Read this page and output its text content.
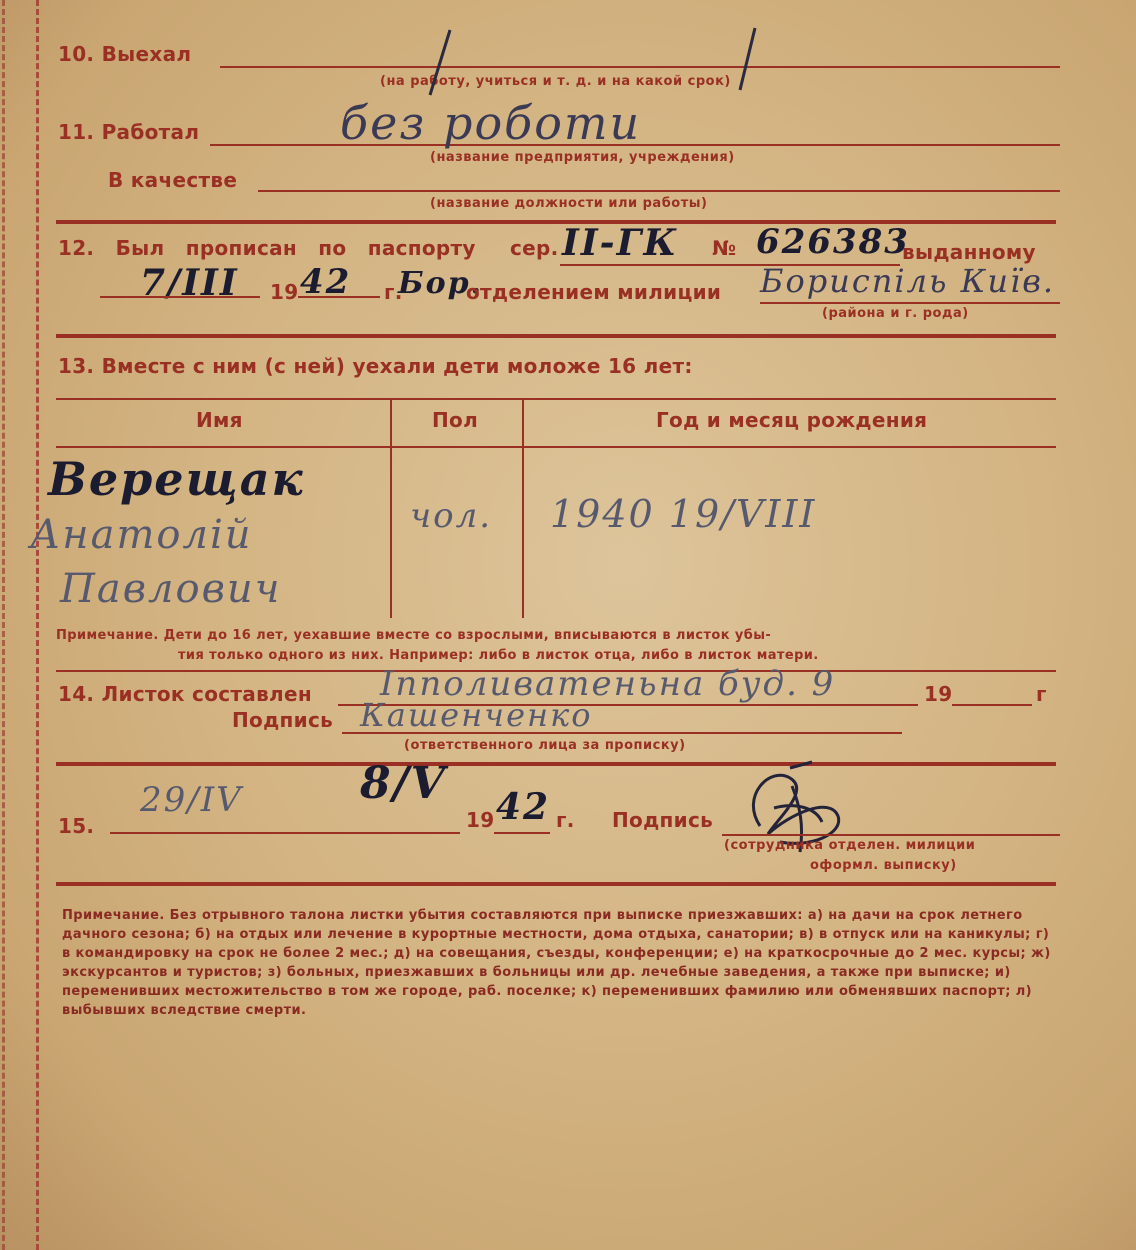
10. Выехал
(на работу, учиться и т. д. и на какой срок)
11. Работал	без роботи
(название предприятия, учреждения)
В качестве
(название должности или работы)
12. Был прописан по паспорту сер. II-ГК № 626383
выданному
7/III 19 42 г.
Бор.
отделением милиции Бориспіль Київ.
(района и г. рода)
13. Вместе с ним (с ней) уехали дети моложе 16 лет:
Имя	Пол	Год и месяц рождения
Верещак
Анатолій
Павлович
чол. 1940 19/VIII
Примечание. Дети до 16 лет, уехавшие вместе со взрослыми, вписываются в листок убы-
тия только одного из них. Например: либо в листок отца, либо в листок матери.
14. Листок составлен Іпполиватеньна буд. 9	19	г
Подпись Кашенченко
(ответственного лица за прописку)
15.
29/IV	8/V
19 42 г. Подпись
(сотрудника отделен. милиции
оформл. выписку)
Примечание. Без отрывного талона листки убытия составляются при выписке приезжавших: а) на дачи на срок летнего дачного сезона; б) на отдых или лечение в курортные местности, дома отдыха, санатории; в) в отпуск или на каникулы; г) в командировку на срок не более 2 мес.; д) на совещания, съезды, конференции; е) на краткосрочные до 2 мес. курсы; ж) экскурсантов и туристов; з) больных, приезжавших в больницы или др. лечебные заведения, а также при выписке; и) переменивших местожительство в том же городе, раб. поселке; к) переменивших фамилию или обменявших паспорт; л) выбывших вследствие смерти.
